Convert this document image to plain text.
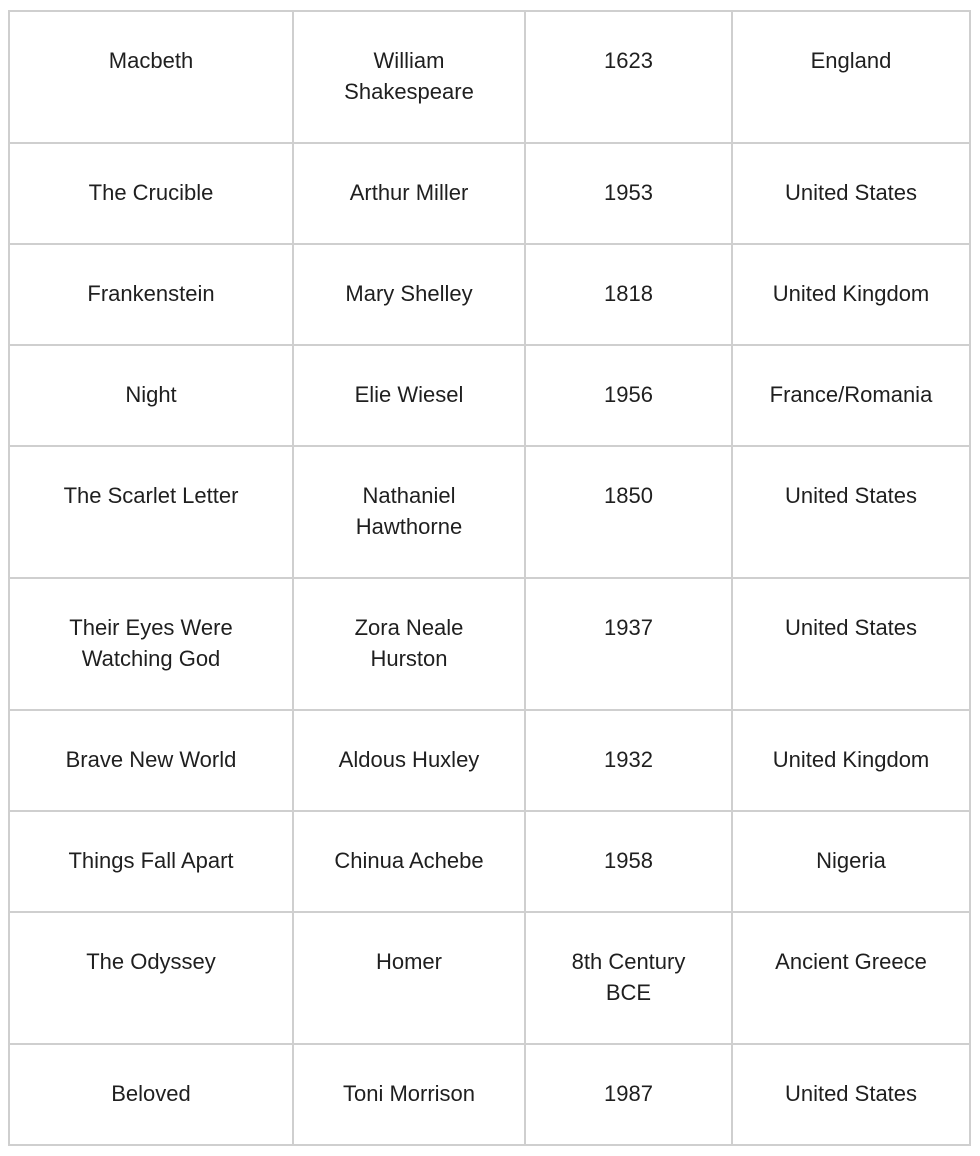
Macbeth	William Shakespeare	1623	England
The Crucible	Arthur Miller	1953	United States
Frankenstein	Mary Shelley	1818	United Kingdom
Night	Elie Wiesel	1956	France/Romania
The Scarlet Letter	Nathaniel Hawthorne	1850	United States
Their Eyes Were Watching God	Zora Neale Hurston	1937	United States
Brave New World	Aldous Huxley	1932	United Kingdom
Things Fall Apart	Chinua Achebe	1958	Nigeria
The Odyssey	Homer	8th Century BCE	Ancient Greece
Beloved	Toni Morrison	1987	United States
